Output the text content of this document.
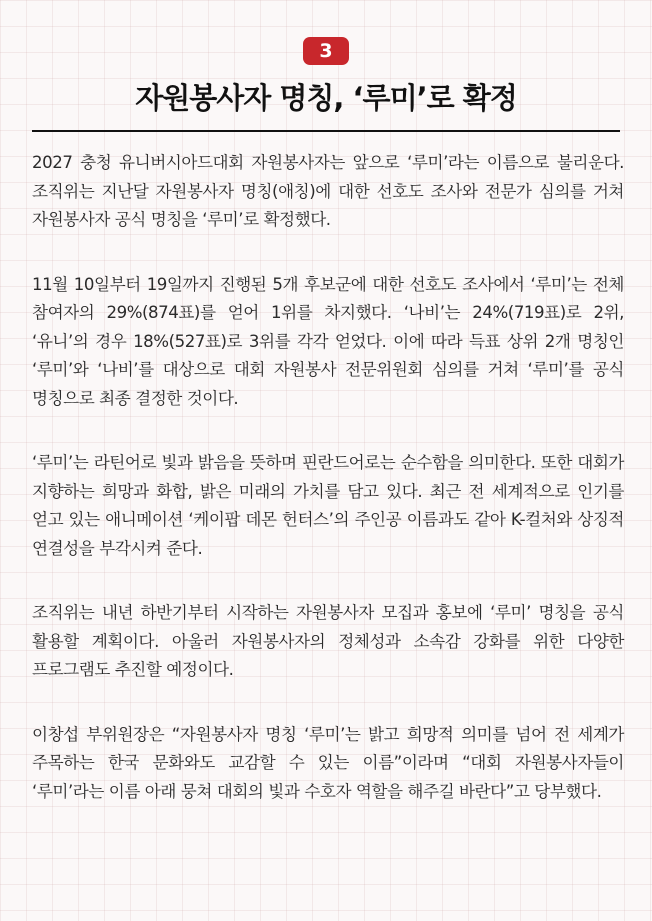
3
자원봉사자 명칭, ‘루미’로 확정

2027 충청 유니버시아드대회 자원봉사자는 앞으로 ‘루미’라는 이름으로 불리운다. 조직위는 지난달 자원봉사자 명칭(애칭)에 대한 선호도 조사와 전문가 심의를 거쳐 자원봉사자 공식 명칭을 ‘루미’로 확정했다.

11월 10일부터 19일까지 진행된 5개 후보군에 대한 선호도 조사에서 ‘루미’는 전체 참여자의 29%(874표)를 얻어 1위를 차지했다. ‘나비’는 24%(719표)로 2위, ‘유니’의 경우 18%(527표)로 3위를 각각 얻었다. 이에 따라 득표 상위 2개 명칭인 ‘루미’와 ‘나비’를 대상으로 대회 자원봉사 전문위원회 심의를 거쳐 ‘루미’를 공식 명칭으로 최종 결정한 것이다.

‘루미’는 라틴어로 빛과 밝음을 뜻하며 핀란드어로는 순수함을 의미한다. 또한 대회가 지향하는 희망과 화합, 밝은 미래의 가치를 담고 있다. 최근 전 세계적으로 인기를 얻고 있는 애니메이션 ‘케이팝 데몬 헌터스’의 주인공 이름과도 같아 K-컬처와 상징적 연결성을 부각시켜 준다.

조직위는 내년 하반기부터 시작하는 자원봉사자 모집과 홍보에 ‘루미’ 명칭을 공식 활용할 계획이다. 아울러 자원봉사자의 정체성과 소속감 강화를 위한 다양한 프로그램도 추진할 예정이다.

이창섭 부위원장은 “자원봉사자 명칭 ‘루미’는 밝고 희망적 의미를 넘어 전 세계가 주목하는 한국 문화와도 교감할 수 있는 이름”이라며 “대회 자원봉사자들이 ‘루미’라는 이름 아래 뭉쳐 대회의 빛과 수호자 역할을 해주길 바란다”고 당부했다.
